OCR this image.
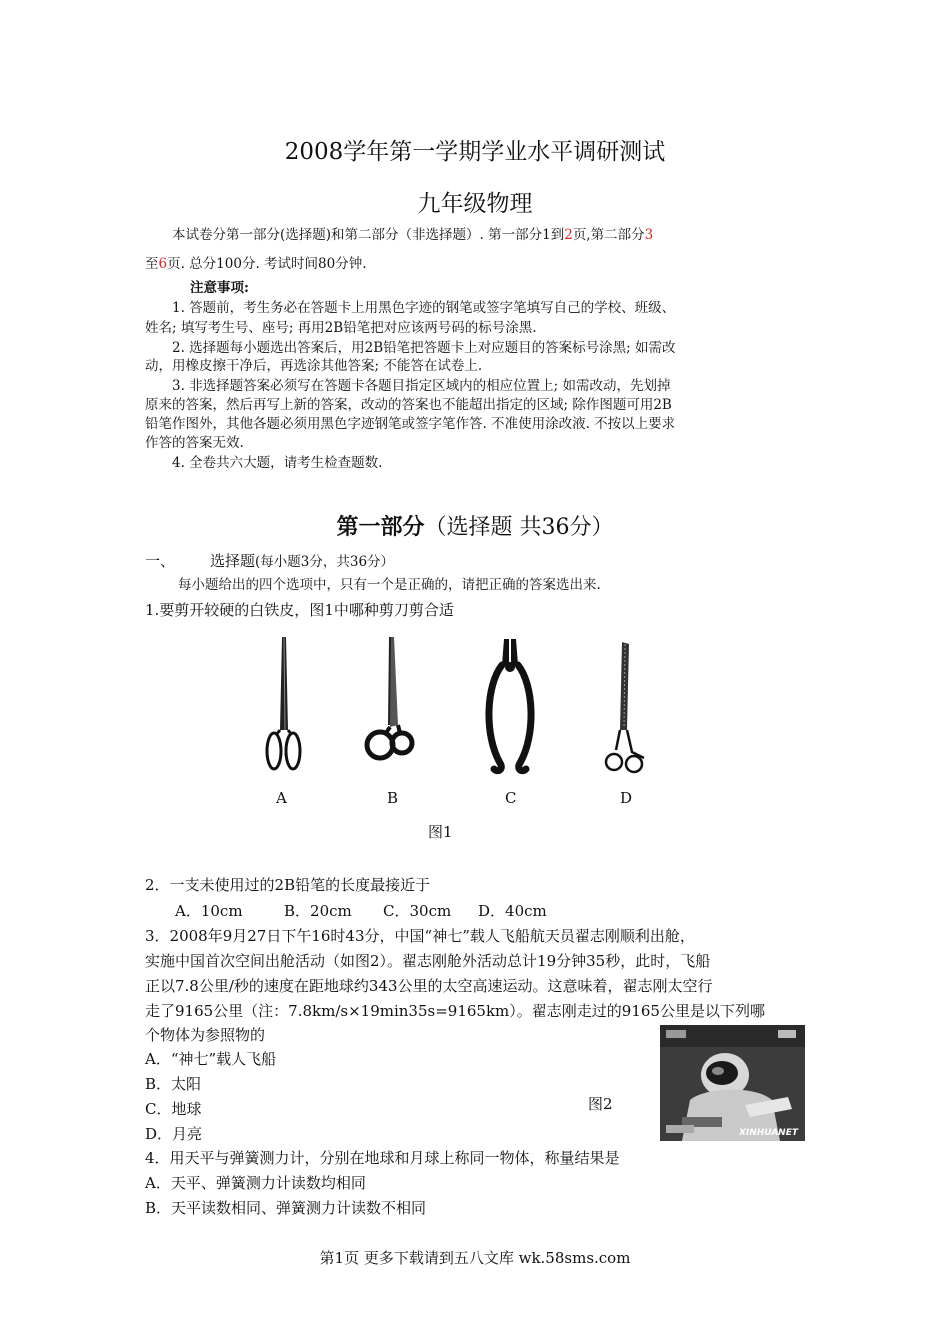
2008学年第一学期学业水平调研测试
九年级物理
本试卷分第一部分(选择题)和第二部分（非选择题）. 第一部分1到2页,第二部分3
至6页. 总分100分. 考试时间80分钟.
注意事项:
1. 答题前，考生务必在答题卡上用黑色字迹的钢笔或签字笔填写自己的学校、班级、
姓名; 填写考生号、座号; 再用2B铅笔把对应该两号码的标号涂黑.
2. 选择题每小题选出答案后，用2B铅笔把答题卡上对应题目的答案标号涂黑; 如需改
动，用橡皮擦干净后，再选涂其他答案; 不能答在试卷上.
3. 非选择题答案必须写在答题卡各题目指定区域内的相应位置上; 如需改动，先划掉
原来的答案，然后再写上新的答案，改动的答案也不能超出指定的区域; 除作图题可用2B
铅笔作图外，其他各题必须用黑色字迹钢笔或签字笔作答. 不准使用涂改液. 不按以上要求
作答的答案无效.
4. 全卷共六大题，请考生检查题数.
第一部分（选择题 共36分）
一、 选择题(每小题3分，共36分）
每小题给出的四个选项中，只有一个是正确的，请把正确的答案选出来.
1.要剪开较硬的白铁皮，图1中哪种剪刀剪合适
A	B	C	D
图1
2．一支未使用过的2B铅笔的长度最接近于
A．10cm	B．20cm C．30cm D．40cm
3．2008年9月27日下午16时43分，中国“神七”载人飞船航天员翟志刚顺利出舱，
实施中国首次空间出舱活动（如图2）。翟志刚舱外活动总计19分钟35秒，此时，飞船
正以7.8公里/秒的速度在距地球约343公里的太空高速运动。这意味着，翟志刚太空行
走了9165公里（注：7.8km/s×19min35s=9165km）。翟志刚走过的9165公里是以下列哪
个物体为参照物的
A．“神七”载人飞船
B．太阳
C．地球
D．月亮
图2
XINHUANET
4．用天平与弹簧测力计，分别在地球和月球上称同一物体，称量结果是
A．天平、弹簧测力计读数均相同
B．天平读数相同、弹簧测力计读数不相同
第1页 更多下载请到五八文库 wk.58sms.com
